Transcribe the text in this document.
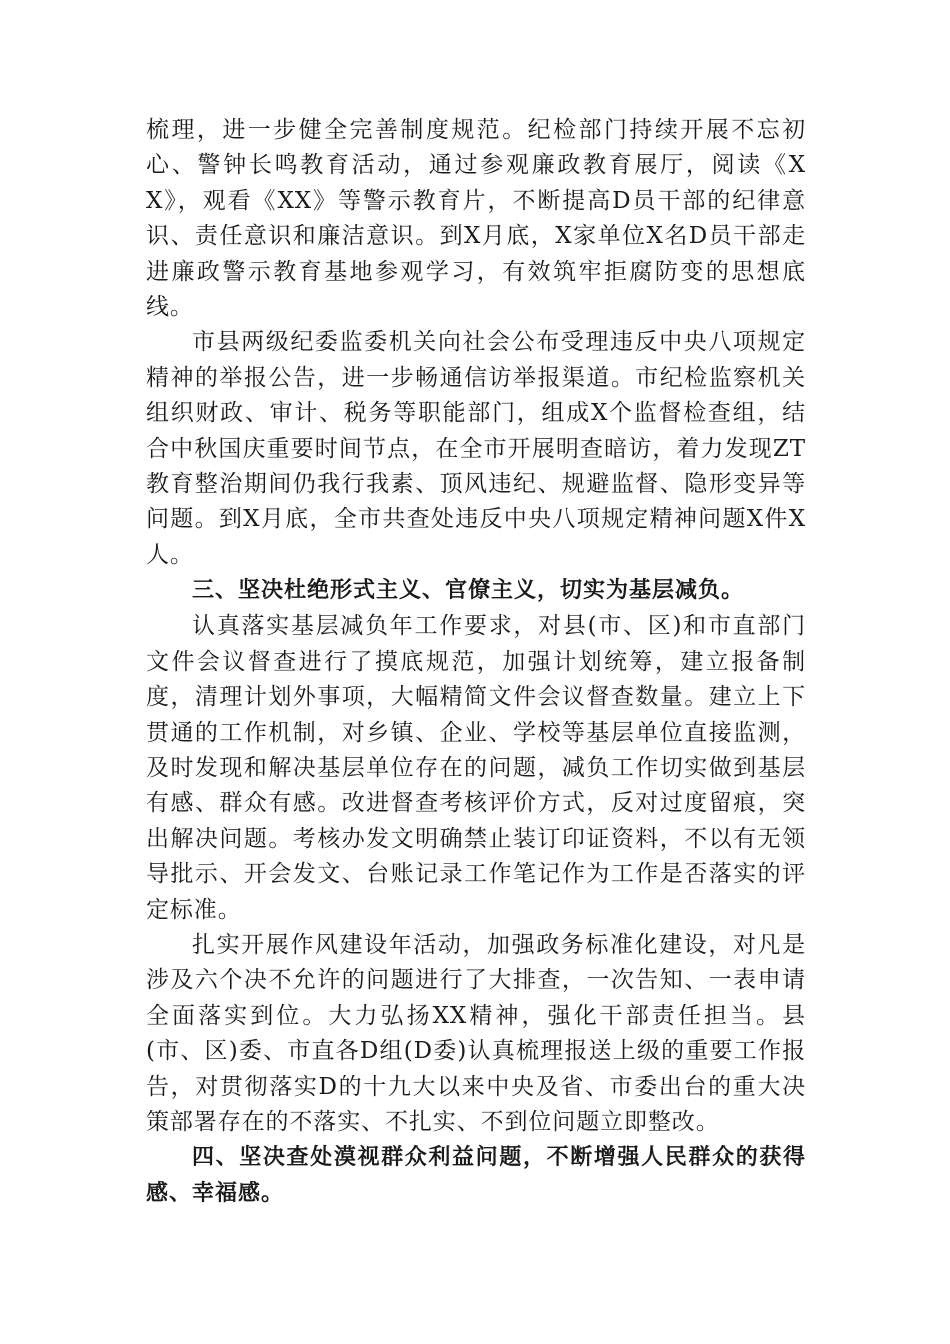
梳理，进一步健全完善制度规范。纪检部门持续开展不忘初心、警钟长鸣教育活动，通过参观廉政教育展厅，阅读《XX》，观看《XX》等警示教育片，不断提高D员干部的纪律意识、责任意识和廉洁意识。到X月底，X家单位X名D员干部走进廉政警示教育基地参观学习，有效筑牢拒腐防变的思想底线。

市县两级纪委监委机关向社会公布受理违反中央八项规定精神的举报公告，进一步畅通信访举报渠道。市纪检监察机关组织财政、审计、税务等职能部门，组成X个监督检查组，结合中秋国庆重要时间节点，在全市开展明查暗访，着力发现ZT教育整治期间仍我行我素、顶风违纪、规避监督、隐形变异等问题。到X月底，全市共查处违反中央八项规定精神问题X件X人。

三、坚决杜绝形式主义、官僚主义，切实为基层减负。

认真落实基层减负年工作要求，对县(市、区)和市直部门文件会议督查进行了摸底规范，加强计划统筹，建立报备制度，清理计划外事项，大幅精简文件会议督查数量。建立上下贯通的工作机制，对乡镇、企业、学校等基层单位直接监测，及时发现和解决基层单位存在的问题，减负工作切实做到基层有感、群众有感。改进督查考核评价方式，反对过度留痕，突出解决问题。考核办发文明确禁止装订印证资料，不以有无领导批示、开会发文、台账记录工作笔记作为工作是否落实的评定标准。

扎实开展作风建设年活动，加强政务标准化建设，对凡是涉及六个决不允许的问题进行了大排查，一次告知、一表申请全面落实到位。大力弘扬XX精神，强化干部责任担当。县(市、区)委、市直各D组(D委)认真梳理报送上级的重要工作报告，对贯彻落实D的十九大以来中央及省、市委出台的重大决策部署存在的不落实、不扎实、不到位问题立即整改。

四、坚决查处漠视群众利益问题，不断增强人民群众的获得感、幸福感。
